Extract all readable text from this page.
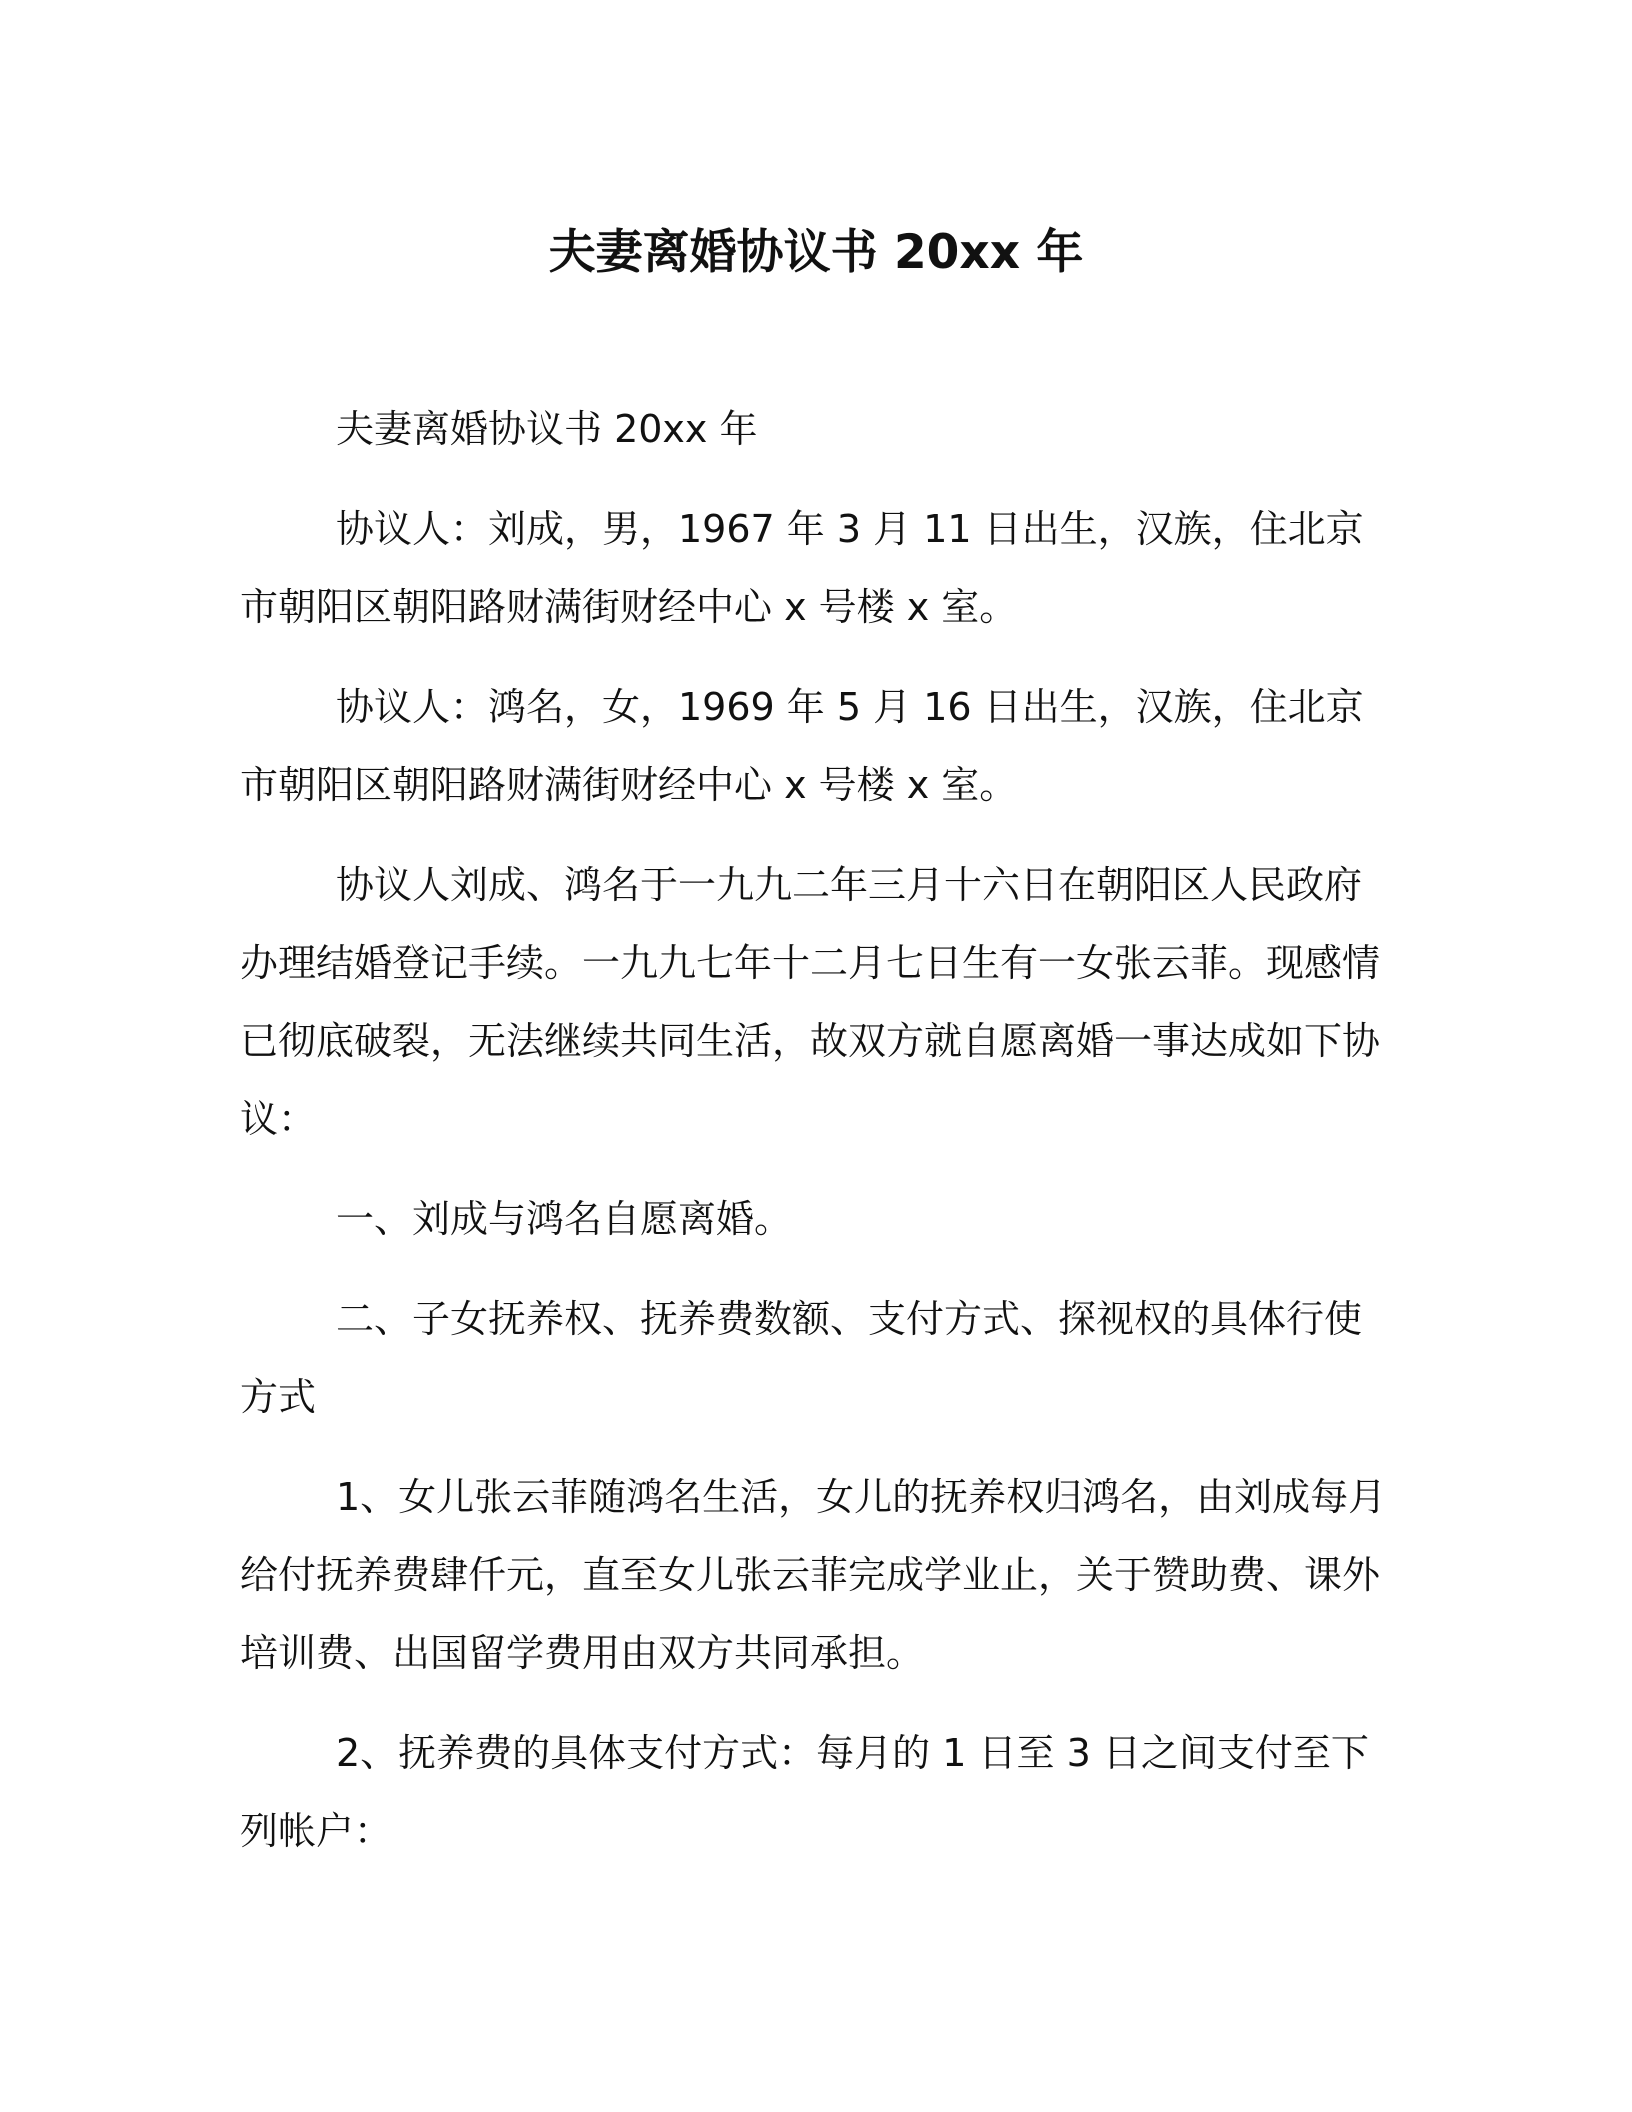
夫妻离婚协议书 20xx 年

夫妻离婚协议书 20xx 年

协议人：刘成，男，1967 年 3 月 11 日出生，汉族，住北京市朝阳区朝阳路财满街财经中心 x 号楼 x 室。

协议人：鸿名，女，1969 年 5 月 16 日出生，汉族，住北京市朝阳区朝阳路财满街财经中心 x 号楼 x 室。

协议人刘成、鸿名于一九九二年三月十六日在朝阳区人民政府办理结婚登记手续。一九九七年十二月七日生有一女张云菲。现感情已彻底破裂，无法继续共同生活，故双方就自愿离婚一事达成如下协议：

一、刘成与鸿名自愿离婚。

二、子女抚养权、抚养费数额、支付方式、探视权的具体行使方式

1、女儿张云菲随鸿名生活，女儿的抚养权归鸿名，由刘成每月给付抚养费肆仟元，直至女儿张云菲完成学业止，关于赞助费、课外培训费、出国留学费用由双方共同承担。

2、抚养费的具体支付方式：每月的 1 日至 3 日之间支付至下列帐户：
